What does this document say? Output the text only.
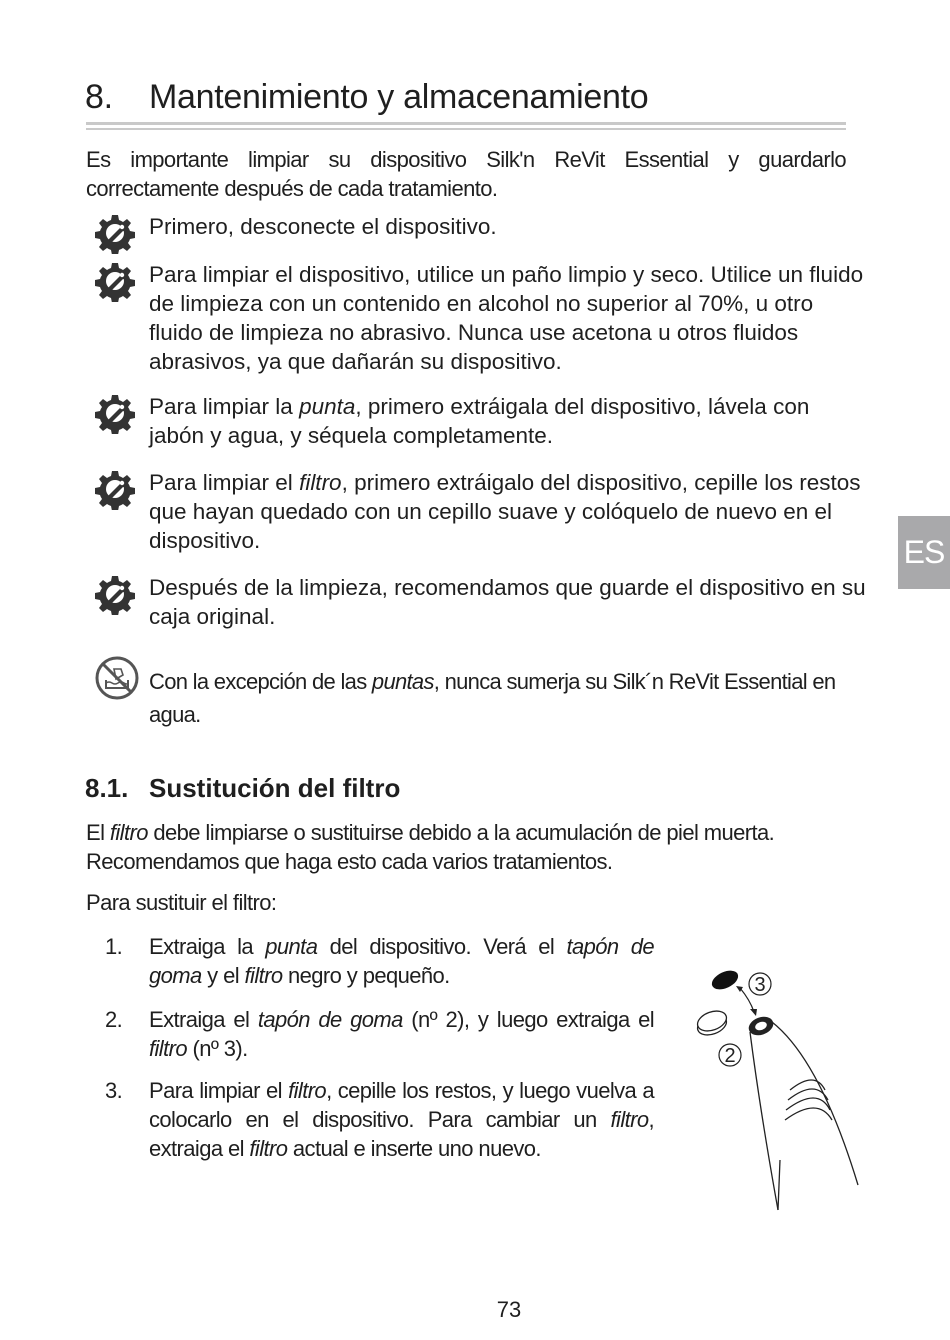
8. Mantenimiento y almacenamiento
Es importante limpiar su dispositivo Silk'n ReVit Essential y guardarlo correctamente después de cada tratamiento.
Primero, desconecte el dispositivo.
Para limpiar el dispositivo, utilice un paño limpio y seco. Utilice un fluido de limpieza con un contenido en alcohol no superior al 70%, u otro fluido de limpieza no abrasivo. Nunca use acetona u otros fluidos abrasivos, ya que dañarán su dispositivo.
Para limpiar la punta, primero extráigala del dispositivo, lávela con jabón y agua, y séquela completamente.
Para limpiar el filtro, primero extráigalo del dispositivo, cepille los restos que hayan quedado con un cepillo suave y colóquelo de nuevo en el dispositivo.
Después de la limpieza, recomendamos que guarde el dispositivo en su caja original.
Con la excepción de las puntas, nunca sumerja su Silk´n ReVit Essential en agua.
8.1. Sustitución del filtro
El filtro debe limpiarse o sustituirse debido a la acumulación de piel muerta. Recomendamos que haga esto cada varios tratamientos.
Para sustituir el filtro:
1. Extraiga la punta del dispositivo. Verá el tapón de goma y el filtro negro y pequeño.
2. Extraiga el tapón de goma (nº 2), y luego extraiga el filtro (nº 3).
3. Para limpiar el filtro, cepille los restos, y luego vuelva a colocarlo en el dispositivo. Para cambiar un filtro, extraiga el filtro actual e inserte uno nuevo.
3
2
ES
73
